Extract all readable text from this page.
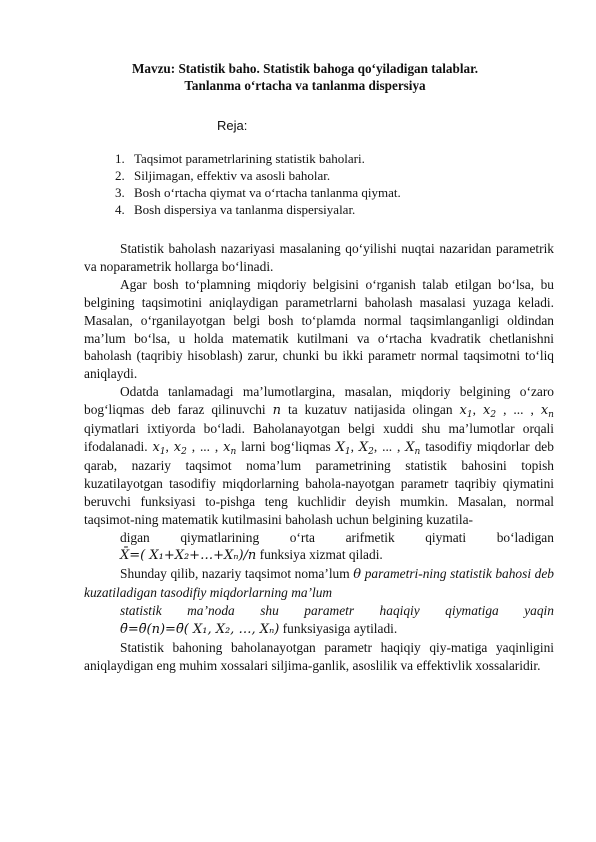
Mavzu: Statistik baho. Statistik bahoga qo‘yiladigan talablar.
Tanlanma o‘rtacha va tanlanma dispersiya
Reja:
1. Taqsimot parametrlarining statistik baholari.
2. Siljimagan, effektiv va asosli baholar.
3. Bosh o‘rtacha qiymat va o‘rtacha tanlanma qiymat.
4. Bosh dispersiya va tanlanma dispersiyalar.

Statistik baholash nazariyasi masalaning qo‘yilishi nuqtai nazaridan parametrik va noparametrik hollarga bo‘linadi.

Agar bosh to‘plamning miqdoriy belgisini o‘rganish talab etilgan bo‘lsa, bu belgining taqsimotini aniqlaydigan parametrlarni baholash masalasi yuzaga keladi. Masalan, o‘rganilayotgan belgi bosh to‘plamda normal taqsimlanganligi oldindan ma’lum bo‘lsa, u holda matematik kutilmani va o‘rtacha kvadratik chetlanishni baholash (taqribiy hisoblash) zarur, chunki bu ikki parametr normal taqsimotni to‘liq aniqlaydi.

Odatda tanlamadagi ma’lumotlargina, masalan, miqdoriy belgining o‘zaro bog‘liqmas deb faraz qilinuvchi n ta kuzatuv natijasida olingan $x_1$, $x_2$ , ... , $x_n$ qiymatlari ixtiyorda bo‘ladi. Baholanayotgan belgi xuddi shu ma’lumotlar orqali ifodalanadi. $x_1$, $x_2$ , ... , $x_n$ larni bog‘liqmas $X_1$, $X_2$, ... , $X_n$ tasodifiy miqdorlar deb qarab, nazariy taqsimot noma’lum parametrining statistik bahosini topish kuzatilayotgan tasodifiy miqdorlarning bahola-nayotgan parametr taqribiy qiymatini beruvchi funksiyasi to-pishga teng kuchlidir deyish mumkin. Masalan, normal taqsimot-ning matematik kutilmasini baholash uchun belgining kuzatila-
digan qiymatlarining o‘rta arifmetik qiymati bo‘ladigan
X̄=( X₁+X₂+…+Xₙ)/n funksiya xizmat qiladi.

Shunday qilib, nazariy taqsimot noma’lum θ parametri-ning statistik bahosi deb kuzatiladigan tasodifiy miqdorlarning ma’lum
statistik ma’noda shu parametr haqiqiy qiymatiga yaqin
θ̄=θ̄(n)=θ̄( X₁, X₂, …, Xₙ) funksiyasiga aytiladi.

Statistik bahoning baholanayotgan parametr haqiqiy qiy-matiga yaqinligini aniqlaydigan eng muhim xossalari siljima-ganlik, asoslilik va effektivlik xossalaridir.
